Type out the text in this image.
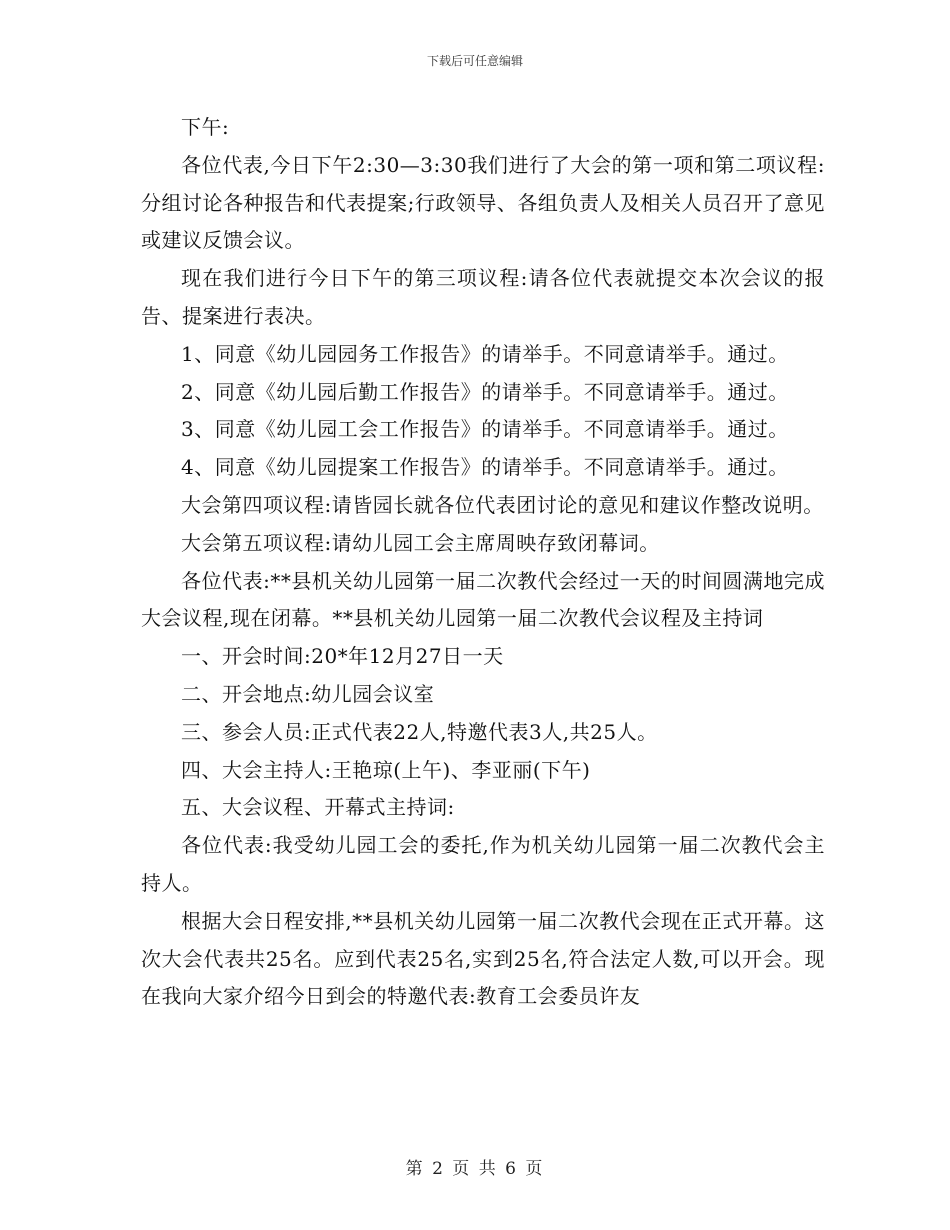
下载后可任意编辑

下午:

各位代表,今日下午2:30—3:30我们进行了大会的第一项和第二项议程:分组讨论各种报告和代表提案;行政领导、各组负责人及相关人员召开了意见或建议反馈会议。

现在我们进行今日下午的第三项议程:请各位代表就提交本次会议的报告、提案进行表决。

1、同意《幼儿园园务工作报告》的请举手。不同意请举手。通过。

2、同意《幼儿园后勤工作报告》的请举手。不同意请举手。通过。

3、同意《幼儿园工会工作报告》的请举手。不同意请举手。通过。

4、同意《幼儿园提案工作报告》的请举手。不同意请举手。通过。

大会第四项议程:请皆园长就各位代表团讨论的意见和建议作整改说明。

大会第五项议程:请幼儿园工会主席周映存致闭幕词。

各位代表:**县机关幼儿园第一届二次教代会经过一天的时间圆满地完成大会议程,现在闭幕。**县机关幼儿园第一届二次教代会议程及主持词

一、开会时间:20*年12月27日一天

二、开会地点:幼儿园会议室

三、参会人员:正式代表22人,特邀代表3人,共25人。

四、大会主持人:王艳琼(上午)、李亚丽(下午)

五、大会议程、开幕式主持词:

各位代表:我受幼儿园工会的委托,作为机关幼儿园第一届二次教代会主持人。

根据大会日程安排,**县机关幼儿园第一届二次教代会现在正式开幕。这次大会代表共25名。应到代表25名,实到25名,符合法定人数,可以开会。现在我向大家介绍今日到会的特邀代表:教育工会委员许友

第 2 页 共 6 页
